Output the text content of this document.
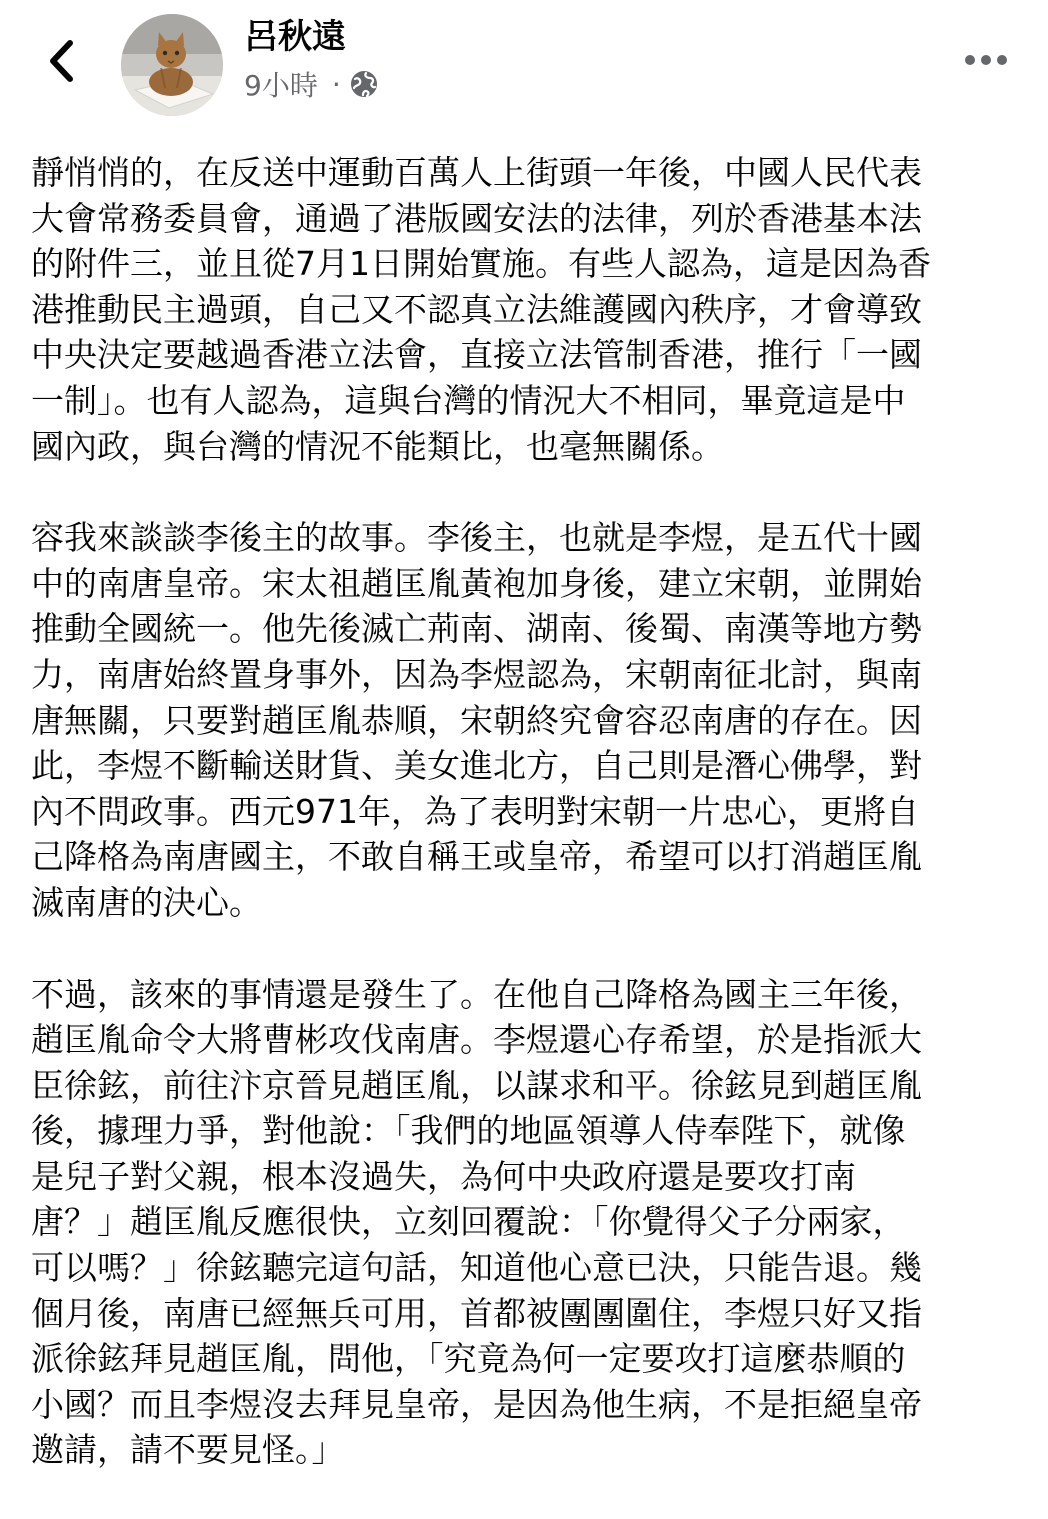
呂秋遠
9小時 ·

靜悄悄的，在反送中運動百萬人上街頭一年後，中國人民代表
大會常務委員會，通過了港版國安法的法律，列於香港基本法
的附件三，並且從7月1日開始實施。有些人認為，這是因為香
港推動民主過頭，自己又不認真立法維護國內秩序，才會導致
中央決定要越過香港立法會，直接立法管制香港，推行「一國
一制」。也有人認為，這與台灣的情況大不相同，畢竟這是中
國內政，與台灣的情況不能類比，也毫無關係。

容我來談談李後主的故事。李後主，也就是李煜，是五代十國
中的南唐皇帝。宋太祖趙匡胤黃袍加身後，建立宋朝，並開始
推動全國統一。他先後滅亡荊南、湖南、後蜀、南漢等地方勢
力，南唐始終置身事外，因為李煜認為，宋朝南征北討，與南
唐無關，只要對趙匡胤恭順，宋朝終究會容忍南唐的存在。因
此，李煜不斷輸送財貨、美女進北方，自己則是潛心佛學，對
內不問政事。西元971年，為了表明對宋朝一片忠心，更將自
己降格為南唐國主，不敢自稱王或皇帝，希望可以打消趙匡胤
滅南唐的決心。

不過，該來的事情還是發生了。在他自己降格為國主三年後，
趙匡胤命令大將曹彬攻伐南唐。李煜還心存希望，於是指派大
臣徐鉉，前往汴京晉見趙匡胤，以謀求和平。徐鉉見到趙匡胤
後，據理力爭，對他說：「我們的地區領導人侍奉陛下，就像
是兒子對父親，根本沒過失，為何中央政府還是要攻打南
唐？」趙匡胤反應很快，立刻回覆說：「你覺得父子分兩家，
可以嗎？」徐鉉聽完這句話，知道他心意已決，只能告退。幾
個月後，南唐已經無兵可用，首都被團團圍住，李煜只好又指
派徐鉉拜見趙匡胤，問他，「究竟為何一定要攻打這麼恭順的
小國？而且李煜沒去拜見皇帝，是因為他生病，不是拒絕皇帝
邀請，請不要見怪。」
